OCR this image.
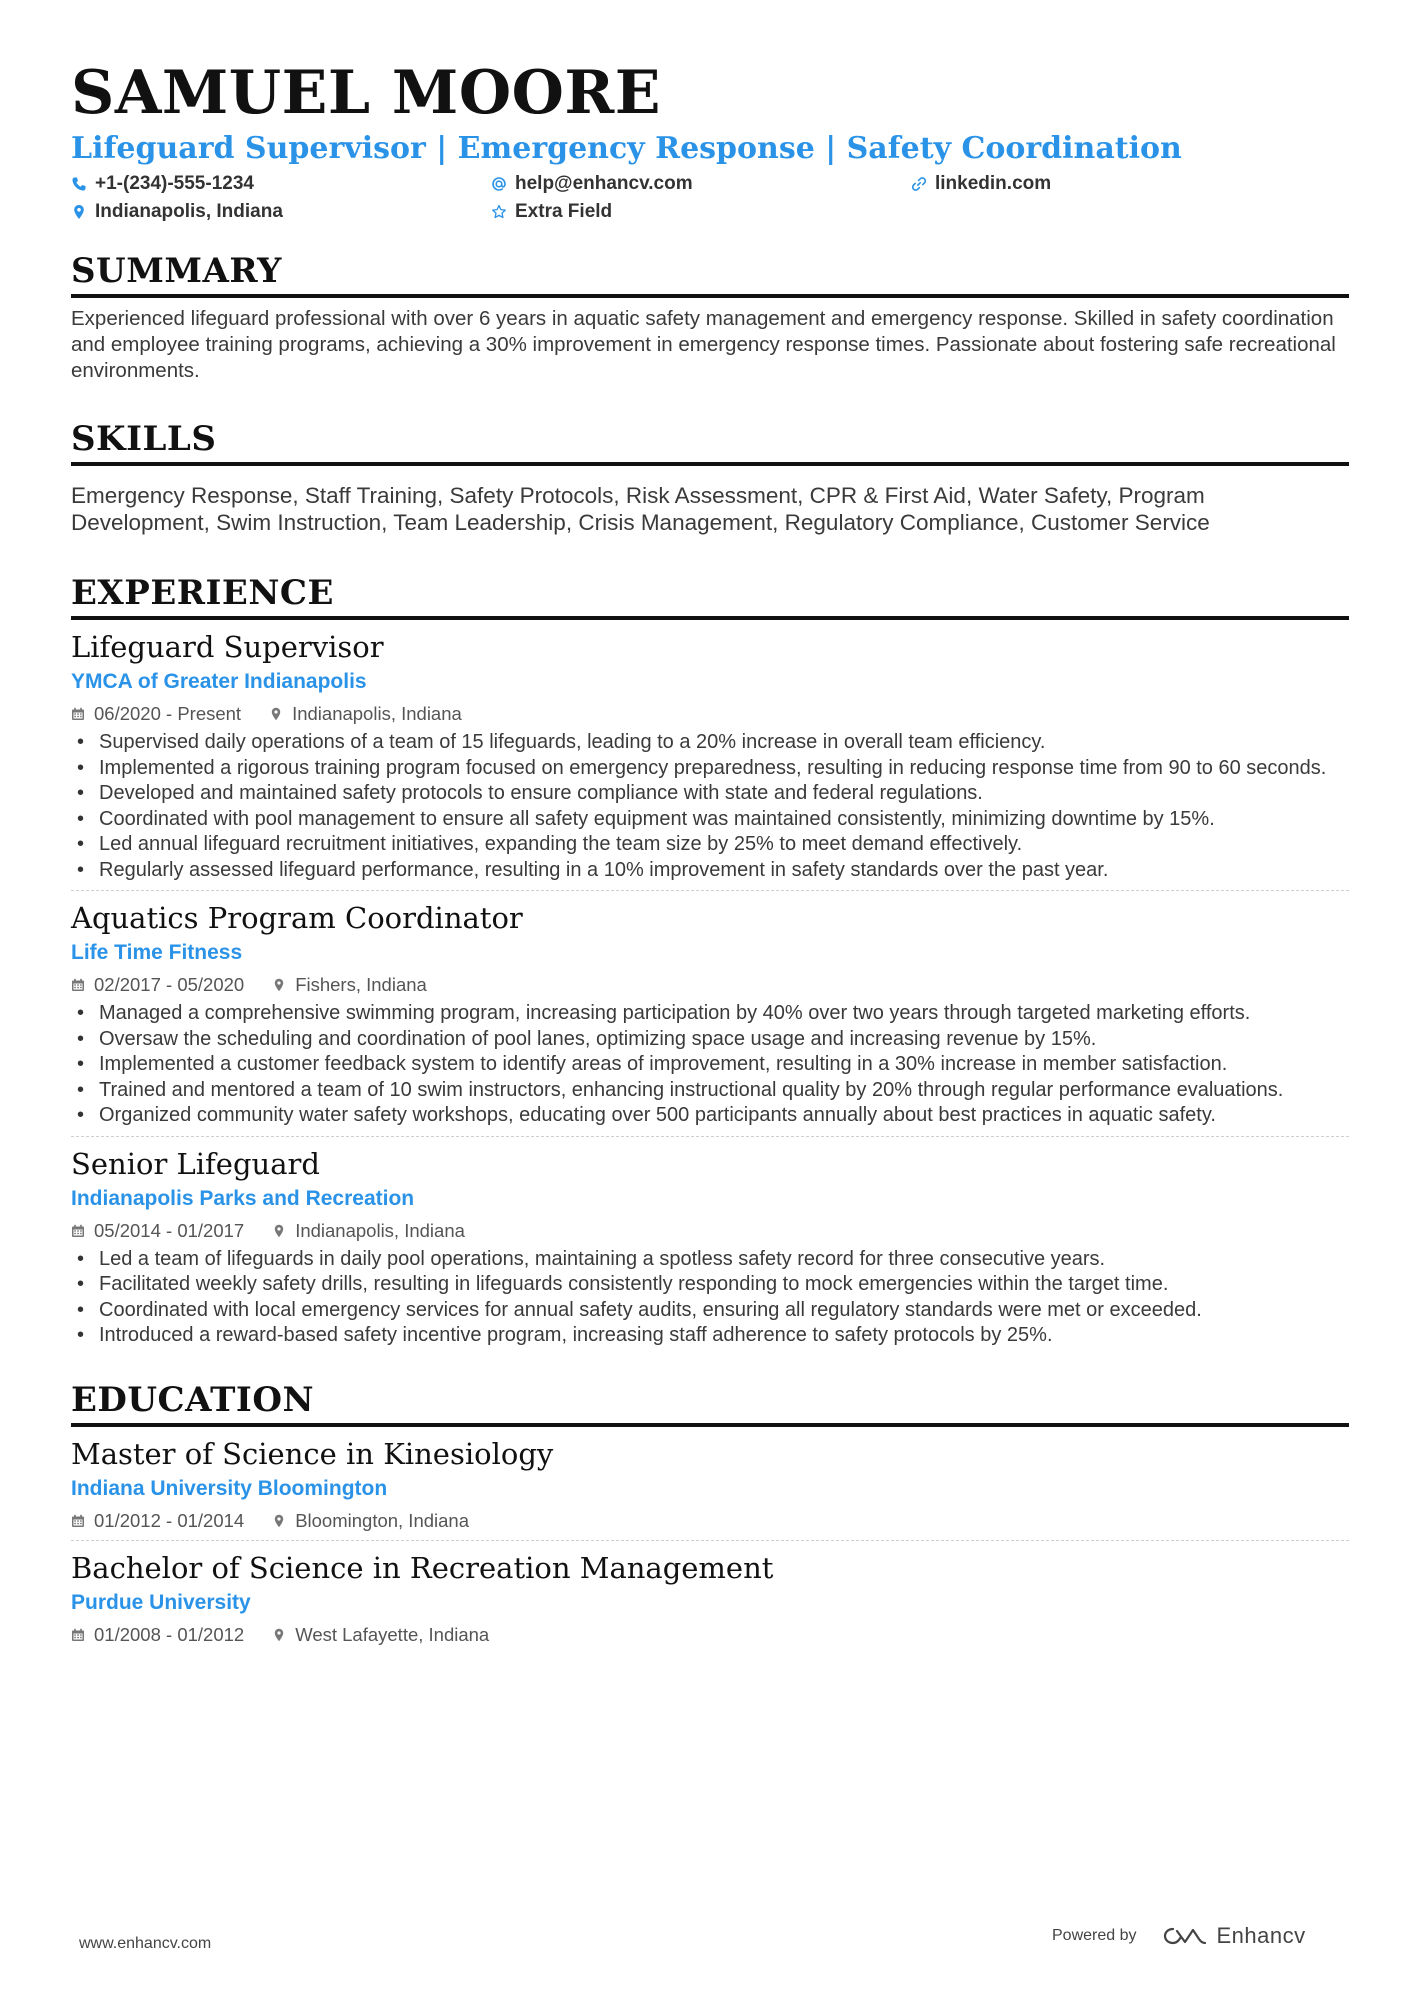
SAMUEL MOORE
Lifeguard Supervisor | Emergency Response | Safety Coordination
+1-(234)-555-1234	help@enhancv.com	linkedin.com
Indianapolis, Indiana	Extra Field
SUMMARY
Experienced lifeguard professional with over 6 years in aquatic safety management and emergency response. Skilled in safety coordination and employee training programs, achieving a 30% improvement in emergency response times. Passionate about fostering safe recreational environments.
SKILLS
Emergency Response, Staff Training, Safety Protocols, Risk Assessment, CPR & First Aid, Water Safety, Program Development, Swim Instruction, Team Leadership, Crisis Management, Regulatory Compliance, Customer Service
EXPERIENCE
Lifeguard Supervisor
YMCA of Greater Indianapolis
06/2020 - Present	Indianapolis, Indiana
• Supervised daily operations of a team of 15 lifeguards, leading to a 20% increase in overall team efficiency.
• Implemented a rigorous training program focused on emergency preparedness, resulting in reducing response time from 90 to 60 seconds.
• Developed and maintained safety protocols to ensure compliance with state and federal regulations.
• Coordinated with pool management to ensure all safety equipment was maintained consistently, minimizing downtime by 15%.
• Led annual lifeguard recruitment initiatives, expanding the team size by 25% to meet demand effectively.
• Regularly assessed lifeguard performance, resulting in a 10% improvement in safety standards over the past year.
Aquatics Program Coordinator
Life Time Fitness
02/2017 - 05/2020	Fishers, Indiana
• Managed a comprehensive swimming program, increasing participation by 40% over two years through targeted marketing efforts.
• Oversaw the scheduling and coordination of pool lanes, optimizing space usage and increasing revenue by 15%.
• Implemented a customer feedback system to identify areas of improvement, resulting in a 30% increase in member satisfaction.
• Trained and mentored a team of 10 swim instructors, enhancing instructional quality by 20% through regular performance evaluations.
• Organized community water safety workshops, educating over 500 participants annually about best practices in aquatic safety.
Senior Lifeguard
Indianapolis Parks and Recreation
05/2014 - 01/2017	Indianapolis, Indiana
• Led a team of lifeguards in daily pool operations, maintaining a spotless safety record for three consecutive years.
• Facilitated weekly safety drills, resulting in lifeguards consistently responding to mock emergencies within the target time.
• Coordinated with local emergency services for annual safety audits, ensuring all regulatory standards were met or exceeded.
• Introduced a reward-based safety incentive program, increasing staff adherence to safety protocols by 25%.
EDUCATION
Master of Science in Kinesiology
Indiana University Bloomington
01/2012 - 01/2014	Bloomington, Indiana
Bachelor of Science in Recreation Management
Purdue University
01/2008 - 01/2012	West Lafayette, Indiana
www.enhancv.com	Powered by	Enhancv
